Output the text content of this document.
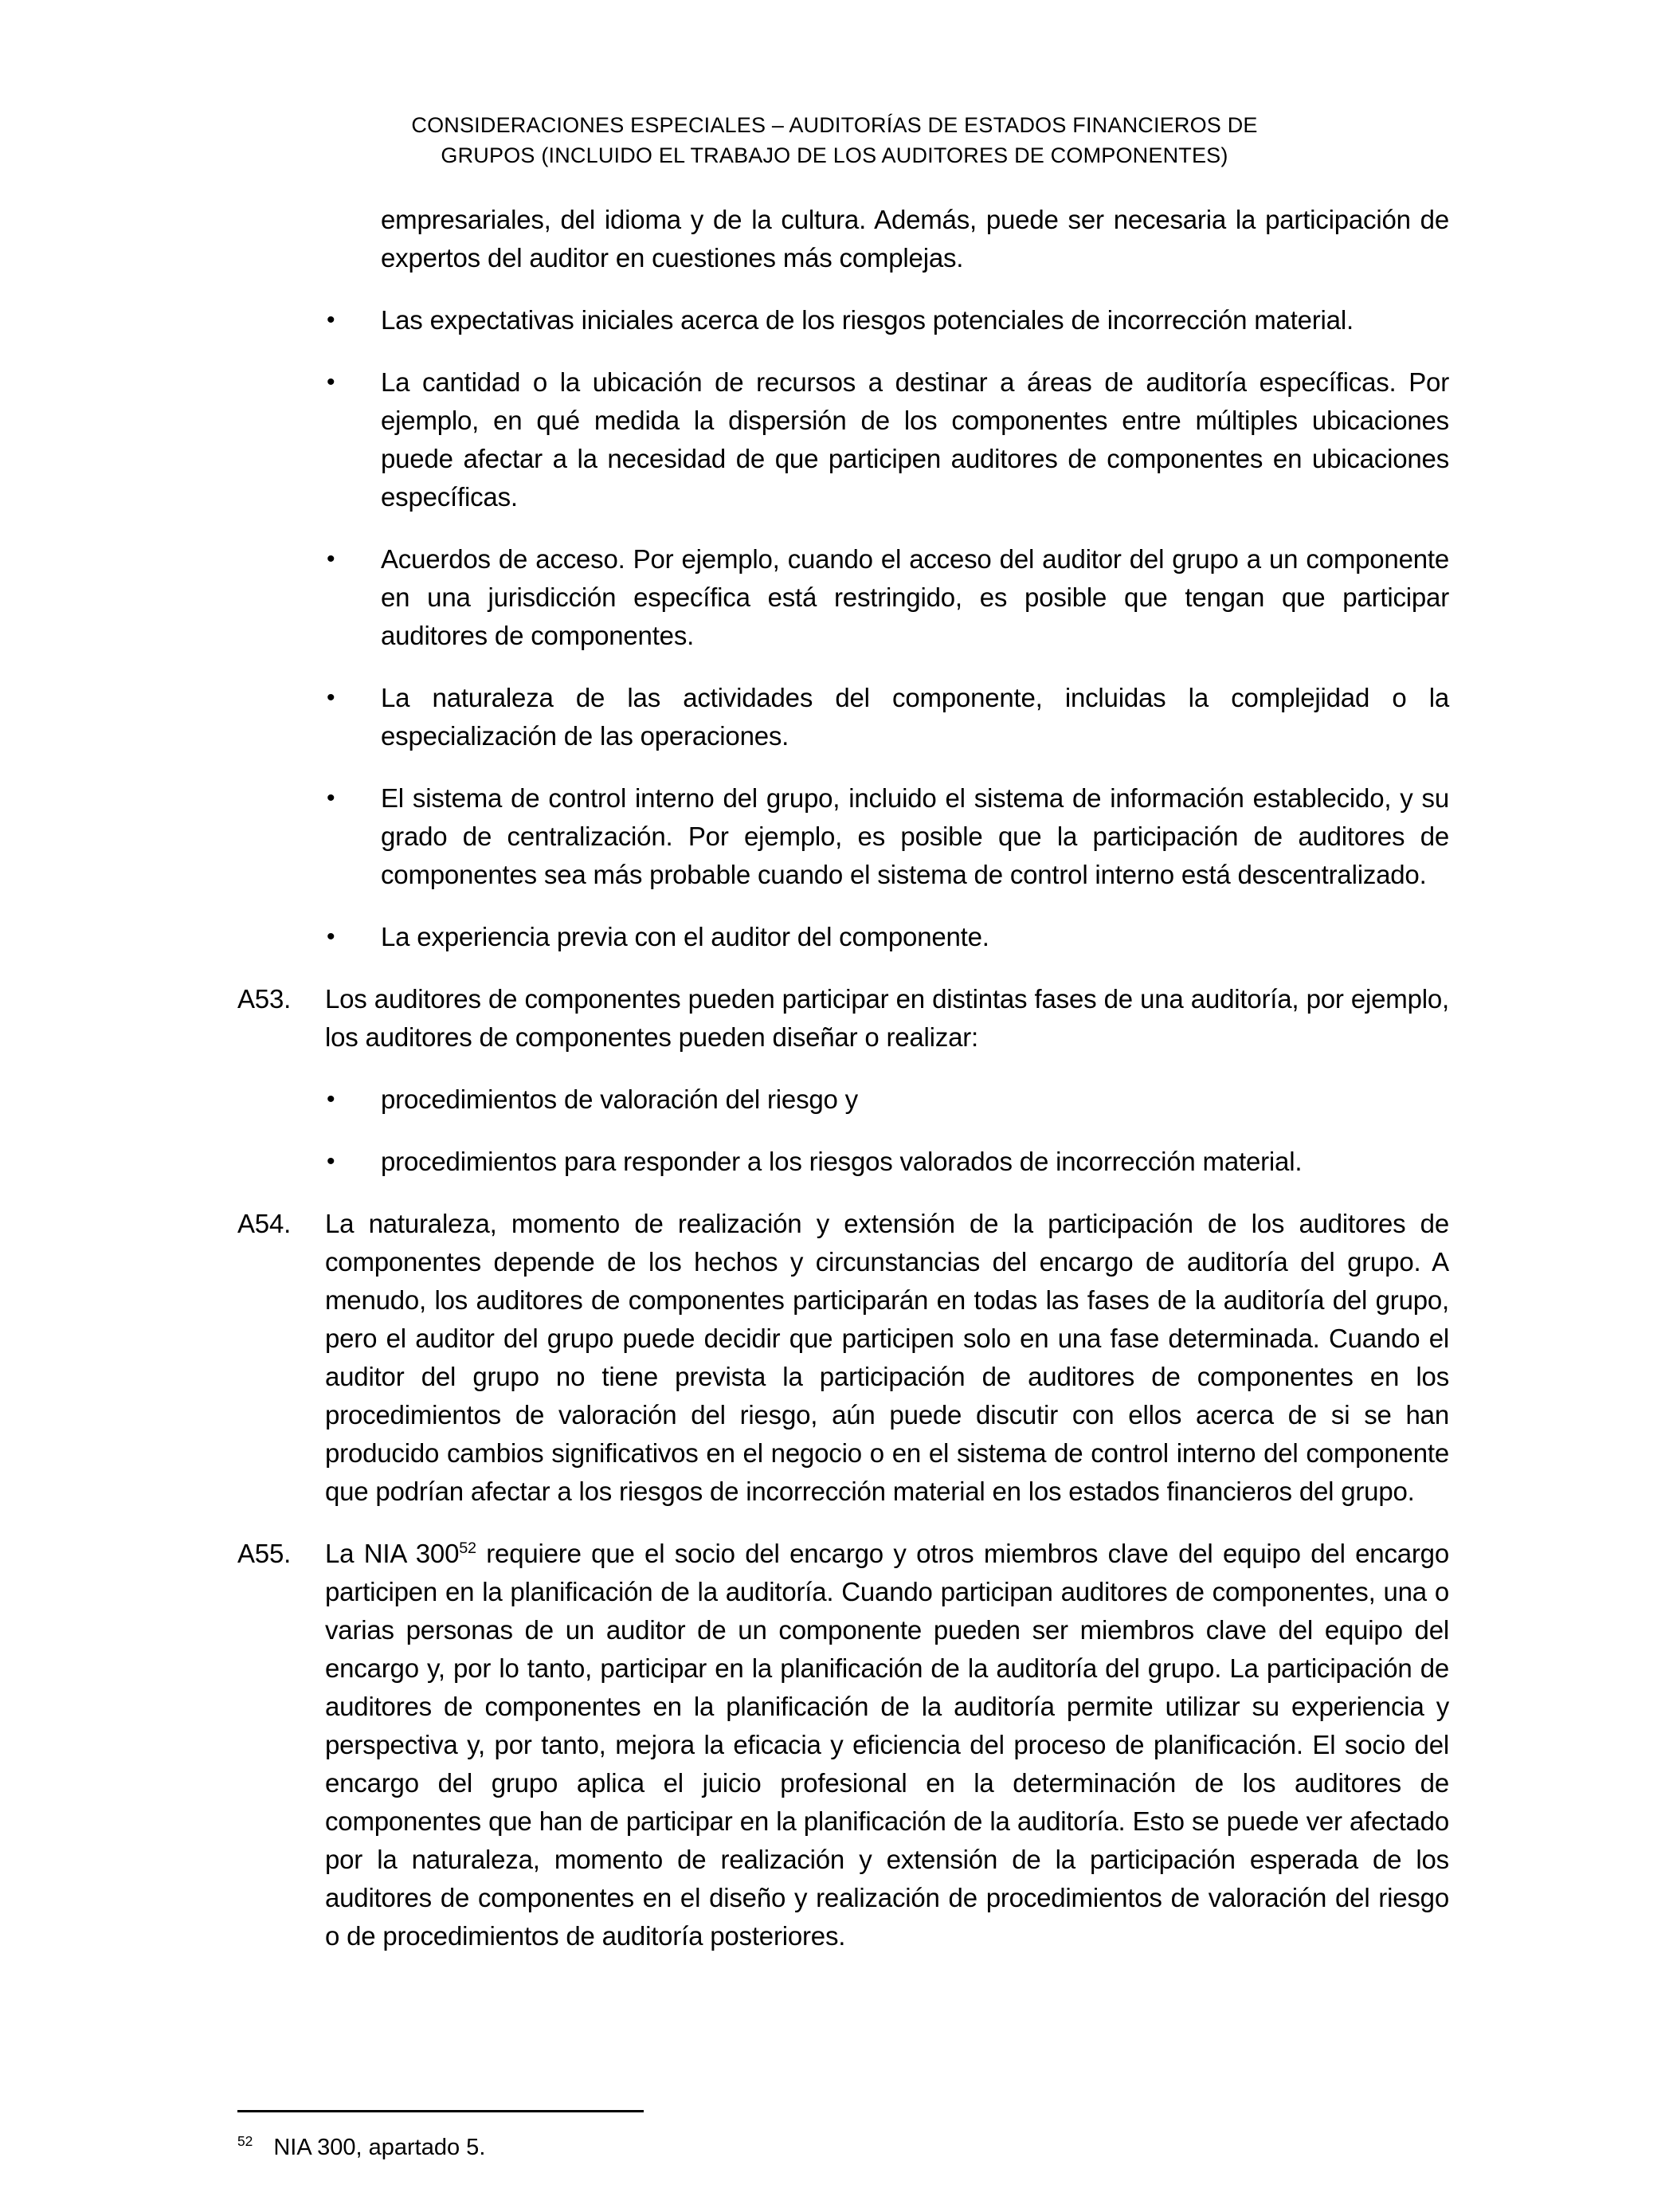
CONSIDERACIONES ESPECIALES – AUDITORÍAS DE ESTADOS FINANCIEROS DE
GRUPOS (INCLUIDO EL TRABAJO DE LOS AUDITORES DE COMPONENTES)

empresariales, del idioma y de la cultura. Además, puede ser necesaria la participación de expertos del auditor en cuestiones más complejas.

•	Las expectativas iniciales acerca de los riesgos potenciales de incorrección material.
•	La cantidad o la ubicación de recursos a destinar a áreas de auditoría específicas. Por ejemplo, en qué medida la dispersión de los componentes entre múltiples ubicaciones puede afectar a la necesidad de que participen auditores de componentes en ubicaciones específicas.
•	Acuerdos de acceso. Por ejemplo, cuando el acceso del auditor del grupo a un componente en una jurisdicción específica está restringido, es posible que tengan que participar auditores de componentes.
•	La naturaleza de las actividades del componente, incluidas la complejidad o la especialización de las operaciones.
•	El sistema de control interno del grupo, incluido el sistema de información establecido, y su grado de centralización. Por ejemplo, es posible que la participación de auditores de componentes sea más probable cuando el sistema de control interno está descentralizado.
•	La experiencia previa con el auditor del componente.
A53.	Los auditores de componentes pueden participar en distintas fases de una auditoría, por ejemplo, los auditores de componentes pueden diseñar o realizar:
•	procedimientos de valoración del riesgo y
•	procedimientos para responder a los riesgos valorados de incorrección material.
A54.	La naturaleza, momento de realización y extensión de la participación de los auditores de componentes depende de los hechos y circunstancias del encargo de auditoría del grupo. A menudo, los auditores de componentes participarán en todas las fases de la auditoría del grupo, pero el auditor del grupo puede decidir que participen solo en una fase determinada. Cuando el auditor del grupo no tiene prevista la participación de auditores de componentes en los procedimientos de valoración del riesgo, aún puede discutir con ellos acerca de si se han producido cambios significativos en el negocio o en el sistema de control interno del componente que podrían afectar a los riesgos de incorrección material en los estados financieros del grupo.
A55.	La NIA 300$^{52}$ requiere que el socio del encargo y otros miembros clave del equipo del encargo participen en la planificación de la auditoría. Cuando participan auditores de componentes, una o varias personas de un auditor de un componente pueden ser miembros clave del equipo del encargo y, por lo tanto, participar en la planificación de la auditoría del grupo. La participación de auditores de componentes en la planificación de la auditoría permite utilizar su experiencia y perspectiva y, por tanto, mejora la eficacia y eficiencia del proceso de planificación. El socio del encargo del grupo aplica el juicio profesional en la determinación de los auditores de componentes que han de participar en la planificación de la auditoría. Esto se puede ver afectado por la naturaleza, momento de realización y extensión de la participación esperada de los auditores de componentes en el diseño y realización de procedimientos de valoración del riesgo o de procedimientos de auditoría posteriores.
$^{52}$ NIA 300, apartado 5.
